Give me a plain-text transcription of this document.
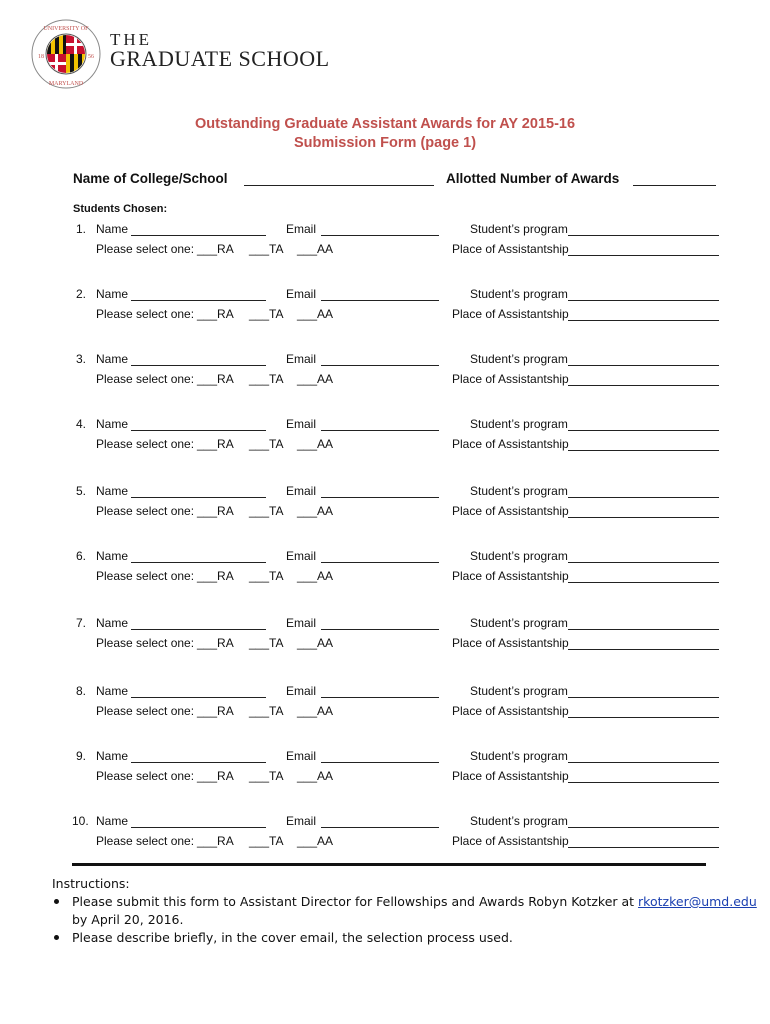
UNIVERSITY OF
MARYLAND
18	56
THE
GRADUATE SCHOOL
Outstanding Graduate Assistant Awards for AY 2015-16
Submission Form (page 1)
Name of College/School	Allotted Number of Awards
Students Chosen:
1. Name	Email	Student’s program
Please select one: ___RA ___TA ___AA	Place of Assistantship
2. Name	Email	Student’s program
Please select one: ___RA ___TA ___AA	Place of Assistantship
3. Name	Email	Student’s program
Please select one: ___RA ___TA ___AA	Place of Assistantship
4. Name	Email	Student’s program
Please select one: ___RA ___TA ___AA	Place of Assistantship
5. Name	Email	Student’s program
Please select one: ___RA ___TA ___AA	Place of Assistantship
6. Name	Email	Student’s program
Please select one: ___RA ___TA ___AA	Place of Assistantship
7. Name	Email	Student’s program
Please select one: ___RA ___TA ___AA	Place of Assistantship
8. Name	Email	Student’s program
Please select one: ___RA ___TA ___AA	Place of Assistantship
9. Name	Email	Student’s program
Please select one: ___RA ___TA ___AA	Place of Assistantship
10. Name	Email	Student’s program
Please select one: ___RA ___TA ___AA	Place of Assistantship
Instructions:
Please submit this form to Assistant Director for Fellowships and Awards Robyn Kotzker at rkotzker@umd.edu
by April 20, 2016.
Please describe briefly, in the cover email, the selection process used.
